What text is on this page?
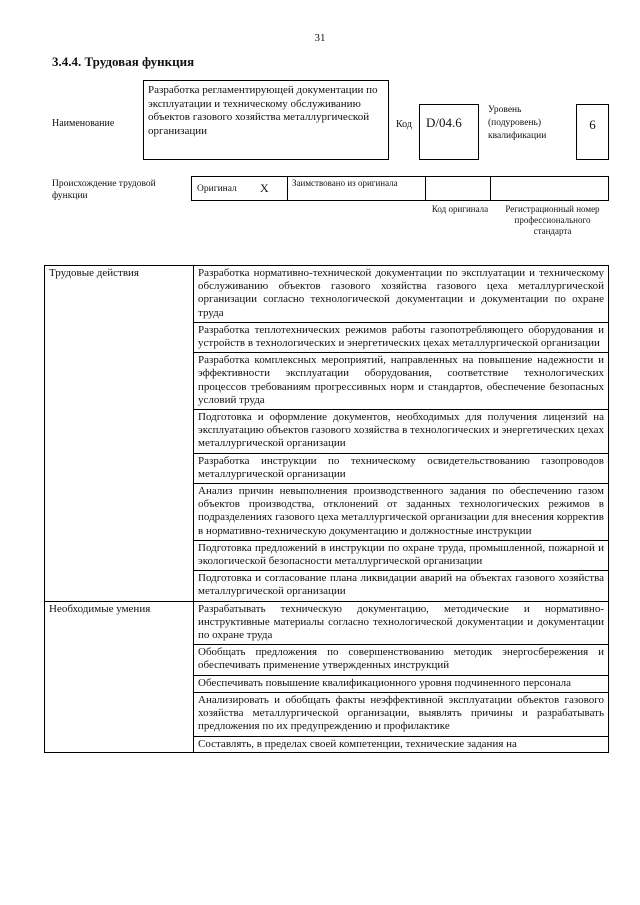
31
3.4.4. Трудовая функция
Наименование
Разработка регламентирующей документации по эксплуатации и техническому обслуживанию объектов газового хозяйства металлургической организации	Код	D/04.6
Уровень (подуровень) квалификации
6
Происхождение трудовой функции
Оригинал X	Заимствовано из оригинала
Код оригинала	Регистрационный номер профессионального стандарта
Трудовые действия	Разработка нормативно-технической документации по эксплуатации и техническому обслуживанию объектов газового хозяйства газового цеха металлургической организации согласно технологической документации и документации по охране труда
	Разработка теплотехнических режимов работы газопотребляющего оборудования и устройств в технологических и энергетических цехах металлургической организации
	Разработка комплексных мероприятий, направленных на повышение надежности и эффективности эксплуатации оборудования, соответствие технологических процессов требованиям прогрессивных норм и стандартов, обеспечение безопасных условий труда
	Подготовка и оформление документов, необходимых для получения лицензий на эксплуатацию объектов газового хозяйства в технологических и энергетических цехах металлургической организации
	Разработка инструкции по техническому освидетельствованию газопроводов металлургической организации
	Анализ причин невыполнения производственного задания по обеспечению газом объектов производства, отклонений от заданных технологических режимов в подразделениях газового цеха металлургической организации для внесения корректив в нормативно-техническую документацию и должностные инструкции
	Подготовка предложений в инструкции по охране труда, промышленной, пожарной и экологической безопасности металлургической организации
	Подготовка и согласование плана ликвидации аварий на объектах газового хозяйства металлургической организации
Необходимые умения	Разрабатывать техническую документацию, методические и нормативно-инструктивные материалы согласно технологической документации и документации по охране труда
	Обобщать предложения по совершенствованию методик энергосбережения и обеспечивать применение утвержденных инструкций
	Обеспечивать повышение квалификационного уровня подчиненного персонала
	Анализировать и обобщать факты неэффективной эксплуатации объектов газового хозяйства металлургической организации, выявлять причины и разрабатывать предложения по их предупреждению и профилактике

	Составлять, в пределах своей компетенции, технические задания на
